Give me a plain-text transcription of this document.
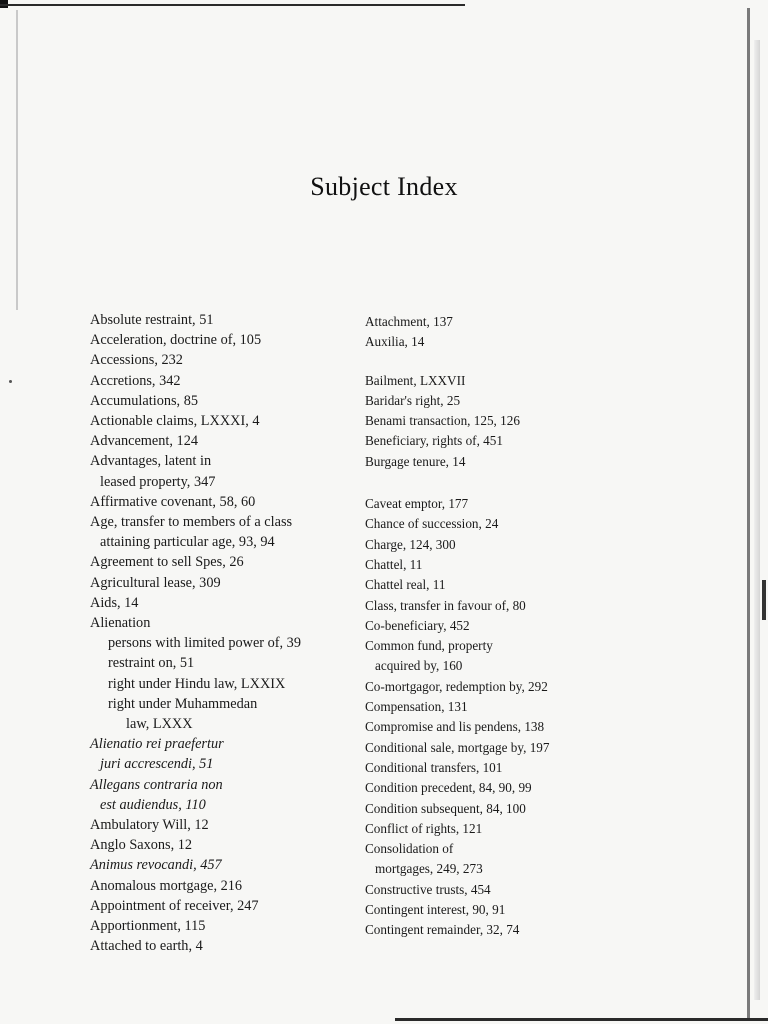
Subject Index
Absolute restraint, 51
Acceleration, doctrine of, 105
Accessions, 232
Accretions, 342
Accumulations, 85
Actionable claims, LXXXI, 4
Advancement, 124
Advantages, latent in
leased property, 347
Affirmative covenant, 58, 60
Age, transfer to members of a class
attaining particular age, 93, 94
Agreement to sell Spes, 26
Agricultural lease, 309
Aids, 14
Alienation
persons with limited power of, 39
restraint on, 51
right under Hindu law, LXXIX
right under Muhammedan
law, LXXX
Alienatio rei praefertur
juri accrescendi, 51
Allegans contraria non
est audiendus, 110
Ambulatory Will, 12
Anglo Saxons, 12
Animus revocandi, 457
Anomalous mortgage, 216
Appointment of receiver, 247
Apportionment, 115
Attached to earth, 4
Attachment, 137
Auxilia, 14
Bailment, LXXVII
Baridar's right, 25
Benami transaction, 125, 126
Beneficiary, rights of, 451
Burgage tenure, 14
Caveat emptor, 177
Chance of succession, 24
Charge, 124, 300
Chattel, 11
Chattel real, 11
Class, transfer in favour of, 80
Co-beneficiary, 452
Common fund, property
acquired by, 160
Co-mortgagor, redemption by, 292
Compensation, 131
Compromise and lis pendens, 138
Conditional sale, mortgage by, 197
Conditional transfers, 101
Condition precedent, 84, 90, 99
Condition subsequent, 84, 100
Conflict of rights, 121
Consolidation of
mortgages, 249, 273
Constructive trusts, 454
Contingent interest, 90, 91
Contingent remainder, 32, 74
